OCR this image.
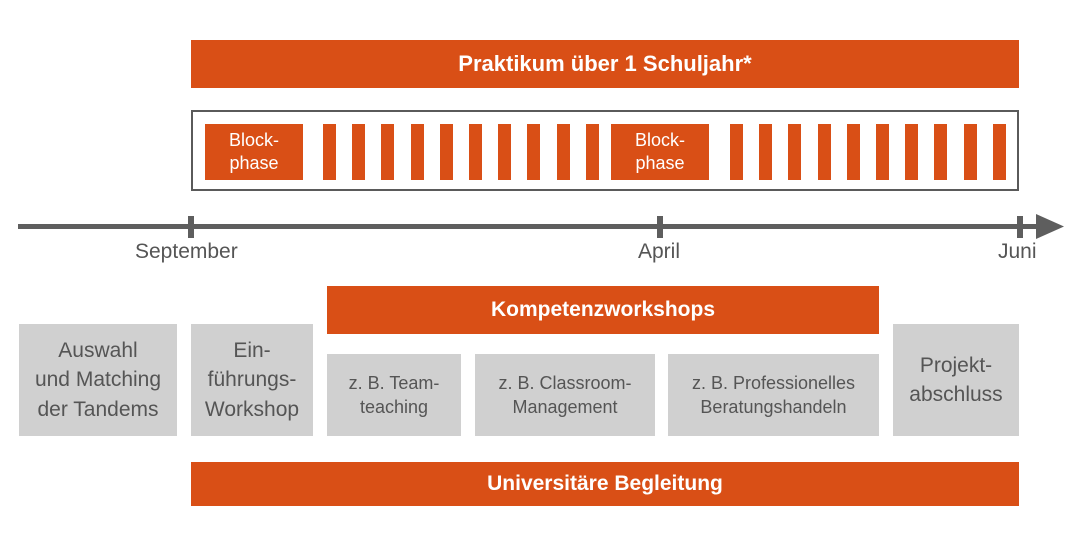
Praktikum über 1 Schuljahr*
Block-
phase
Block-
phase
September	April	Juni
Auswahl
und Matching
der Tandems
Ein-
führungs-
Workshop
Kompetenzworkshops
z. B. Team-
teaching
z. B. Classroom-
Management
z. B. Professionelles
Beratungshandeln
Projekt-
abschluss
Universitäre Begleitung
